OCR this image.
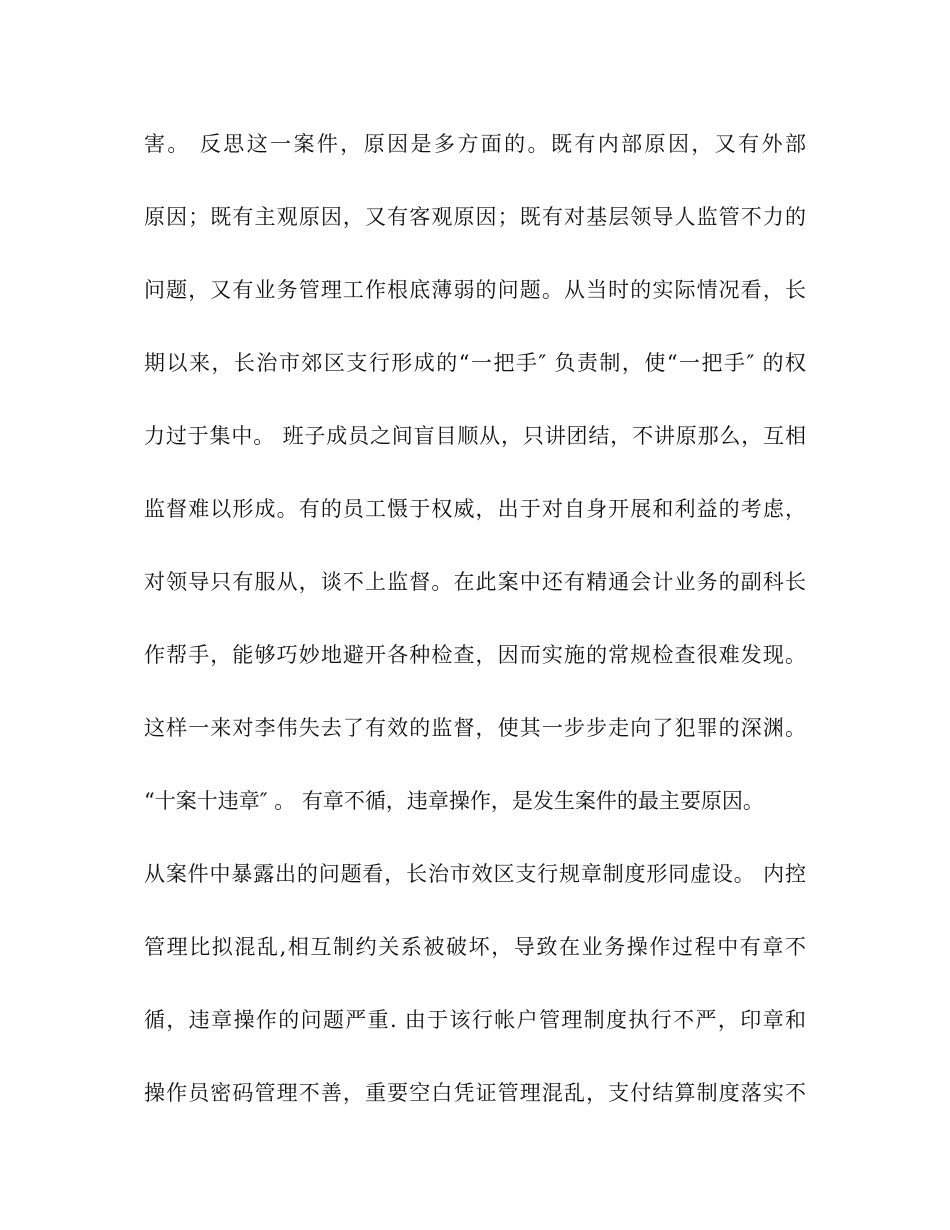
害。 反思这一案件，原因是多方面的。既有内部原因，又有外部
原因；既有主观原因，又有客观原因；既有对基层领导人监管不力的
问题，又有业务管理工作根底薄弱的问题。从当时的实际情况看，长
期以来，长治市郊区支行形成的“一把手″ 负责制，使“一把手″ 的权
力过于集中。 班子成员之间盲目顺从，只讲团结，不讲原那么，互相
监督难以形成。有的员工慑于权威，出于对自身开展和利益的考虑，
对领导只有服从，谈不上监督。在此案中还有精通会计业务的副科长
作帮手，能够巧妙地避开各种检查，因而实施的常规检查很难发现。
这样一来对李伟失去了有效的监督，使其一步步走向了犯罪的深渊。
“十案十违章″ 。 有章不循，违章操作，是发生案件的最主要原因。
从案件中暴露出的问题看，长治市效区支行规章制度形同虚设。 内控
管理比拟混乱,相互制约关系被破坏，导致在业务操作过程中有章不
循，违章操作的问题严重. 由于该行帐户管理制度执行不严，印章和
操作员密码管理不善，重要空白凭证管理混乱，支付结算制度落实不
